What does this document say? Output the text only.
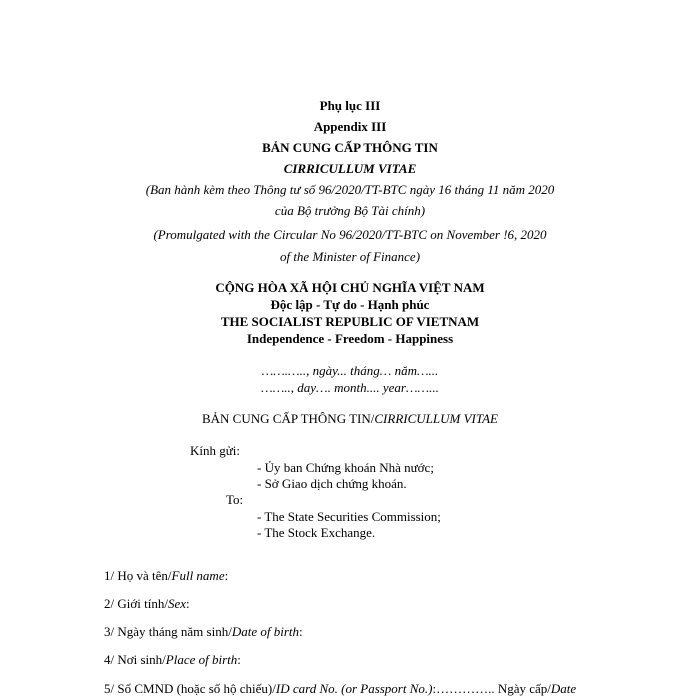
Phụ lục III
Appendix III
BẢN CUNG CẤP THÔNG TIN
CIRRICULLUM VITAE
(Ban hành kèm theo Thông tư số 96/2020/TT-BTC ngày 16 tháng 11 năm 2020
của Bộ trưởng Bộ Tài chính)
(Promulgated with the Circular No 96/2020/TT-BTC on November !6, 2020
of the Minister of Finance)
CỘNG HÒA XÃ HỘI CHỦ NGHĨA VIỆT NAM
Độc lập - Tự do - Hạnh phúc
THE SOCIALIST REPUBLIC OF VIETNAM
Independence - Freedom - Happiness
…….….., ngày... tháng… năm…...
…….., day…. month.... year……...
BẢN CUNG CẤP THÔNG TIN/CIRRICULLUM VITAE
Kính gửi:
- Ủy ban Chứng khoán Nhà nước;
- Sở Giao dịch chứng khoán.
To:
- The State Securities Commission;
- The Stock Exchange.
1/ Họ và tên/Full name:
2/ Giới tính/Sex:
3/ Ngày tháng năm sinh/Date of birth:
4/ Nơi sinh/Place of birth:
5/ Số CMND (hoặc số hộ chiếu)/ID card No. (or Passport No.):………….. Ngày cấp/Date
